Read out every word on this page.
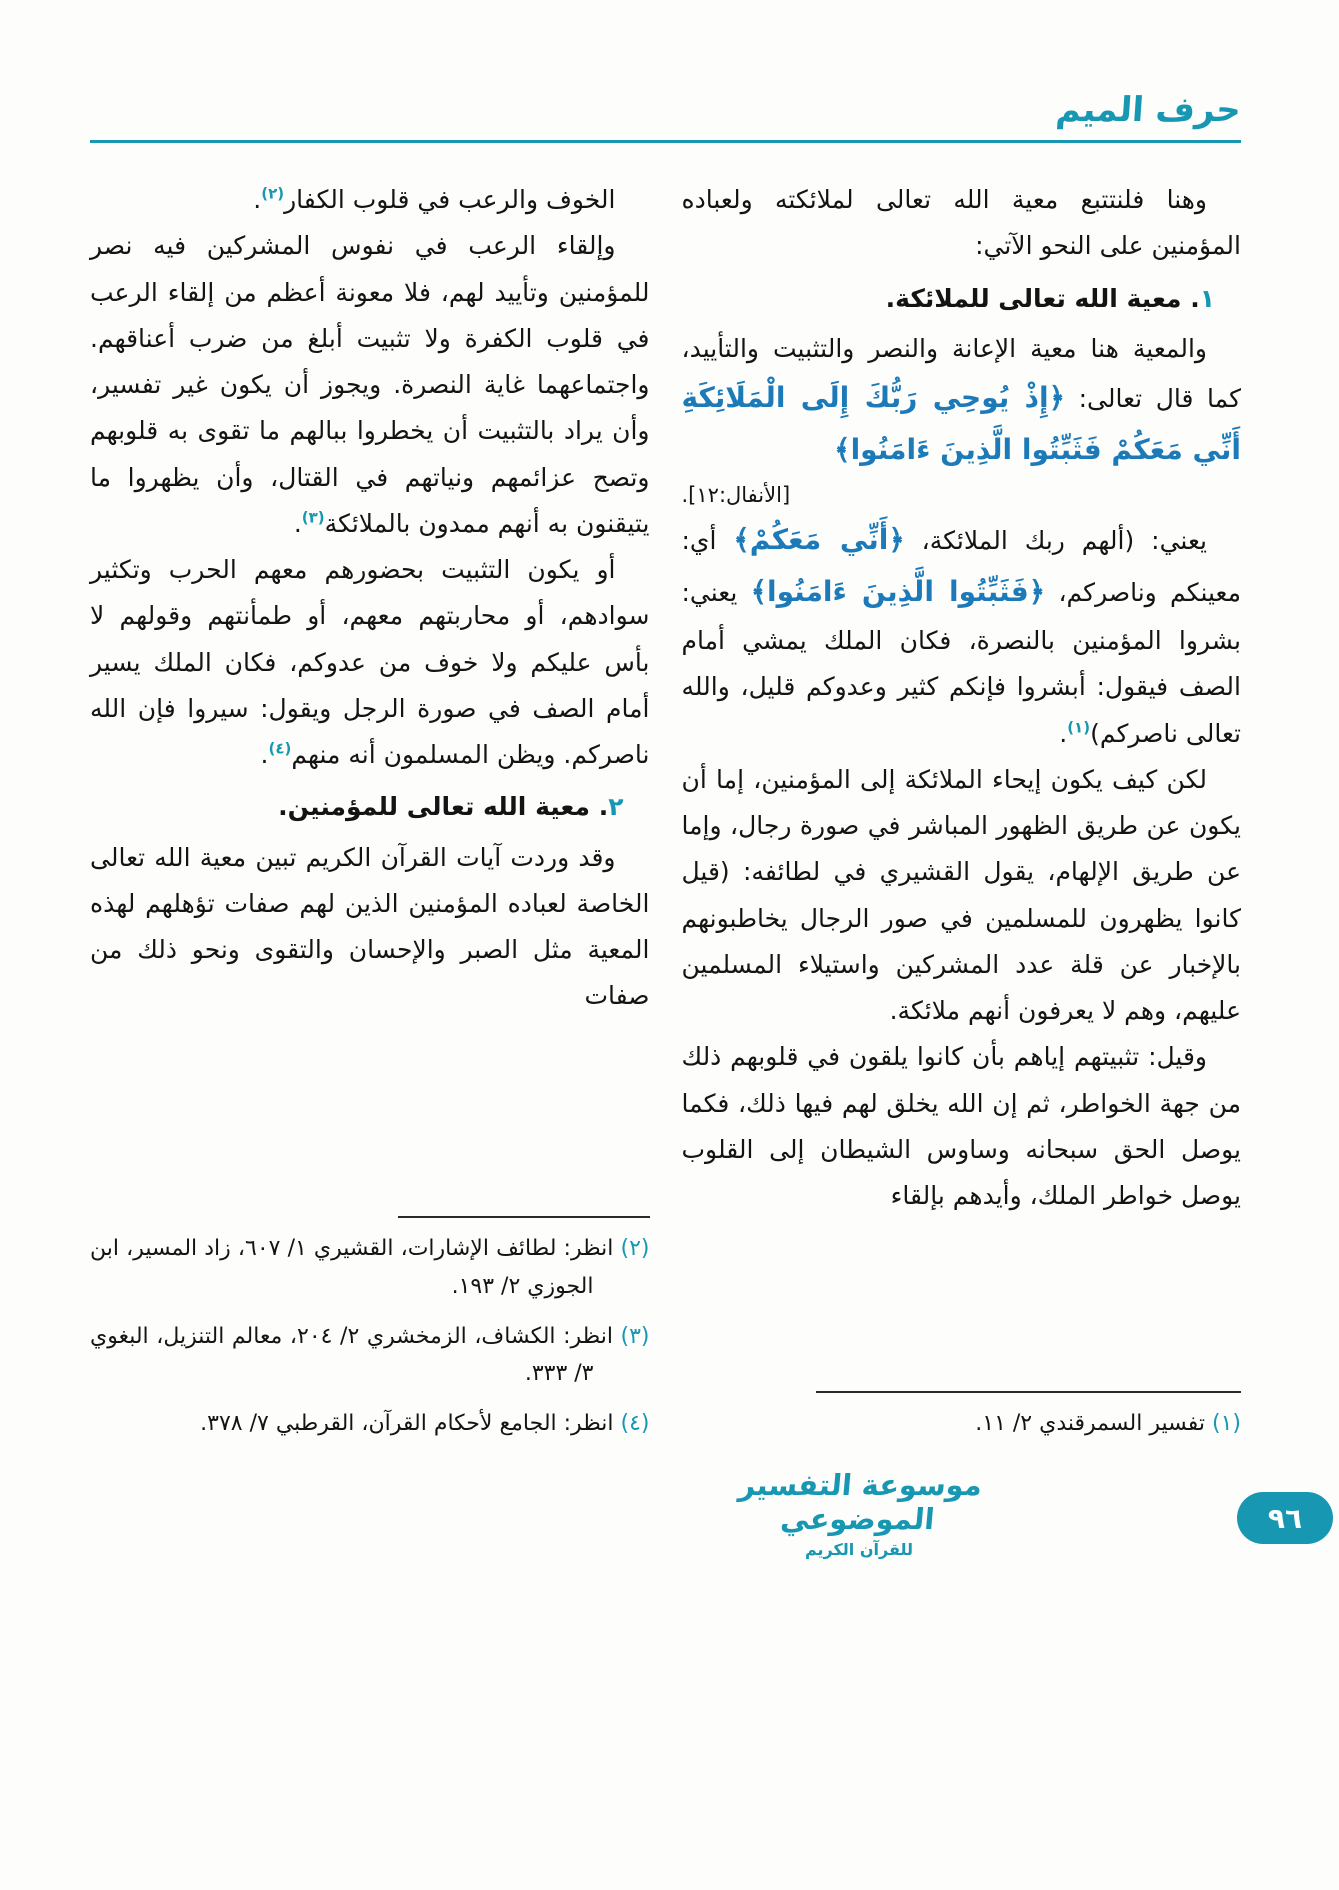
حرف الميم

وهنا فلنتتبع معية الله تعالى لملائكته ولعباده المؤمنين على النحو الآتي:

١. معية الله تعالى للملائكة.

والمعية هنا معية الإعانة والنصر والتثبيت والتأييد، كما قال تعالى: ﴿إِذْ يُوحِي رَبُّكَ إِلَى الْمَلَائِكَةِ أَنِّي مَعَكُمْ فَثَبِّتُوا الَّذِينَ ءَامَنُوا﴾
[الأنفال:١٢].

يعني: (ألهم ربك الملائكة، ﴿أَنِّي مَعَكُمْ﴾ أي: معينكم وناصركم، ﴿فَثَبِّتُوا الَّذِينَ ءَامَنُوا﴾ يعني: بشروا المؤمنين بالنصرة، فكان الملك يمشي أمام الصف فيقول: أبشروا فإنكم كثير وعدوكم قليل، والله تعالى ناصركم)$^{(١)}$.

لكن كيف يكون إيحاء الملائكة إلى المؤمنين، إما أن يكون عن طريق الظهور المباشر في صورة رجال، وإما عن طريق الإلهام، يقول القشيري في لطائفه: (قيل كانوا يظهرون للمسلمين في صور الرجال يخاطبونهم بالإخبار عن قلة عدد المشركين واستيلاء المسلمين عليهم، وهم لا يعرفون أنهم ملائكة.

وقيل: تثبيتهم إياهم بأن كانوا يلقون في قلوبهم ذلك من جهة الخواطر، ثم إن الله يخلق لهم فيها ذلك، فكما يوصل الحق سبحانه وساوس الشيطان إلى القلوب يوصل خواطر الملك، وأيدهم بإلقاء

(١) تفسير السمرقندي ٢/ ١١.

الخوف والرعب في قلوب الكفار$^{(٢)}$.

وإلقاء الرعب في نفوس المشركين فيه نصر للمؤمنين وتأييد لهم، فلا معونة أعظم من إلقاء الرعب في قلوب الكفرة ولا تثبيت أبلغ من ضرب أعناقهم. واجتماعهما غاية النصرة. ويجوز أن يكون غير تفسير، وأن يراد بالتثبيت أن يخطروا ببالهم ما تقوى به قلوبهم وتصح عزائمهم ونياتهم في القتال، وأن يظهروا ما يتيقنون به أنهم ممدون بالملائكة$^{(٣)}$.

أو يكون التثبيت بحضورهم معهم الحرب وتكثير سوادهم، أو محاربتهم معهم، أو طمأنتهم وقولهم لا بأس عليكم ولا خوف من عدوكم، فكان الملك يسير أمام الصف في صورة الرجل ويقول: سيروا فإن الله ناصركم. ويظن المسلمون أنه منهم$^{(٤)}$.

٢. معية الله تعالى للمؤمنين.

وقد وردت آيات القرآن الكريم تبين معية الله تعالى الخاصة لعباده المؤمنين الذين لهم صفات تؤهلهم لهذه المعية مثل الصبر والإحسان والتقوى ونحو ذلك من صفات

(٢) انظر: لطائف الإشارات، القشيري ١/ ٦٠٧، زاد المسير، ابن الجوزي ٢/ ١٩٣.
(٣) انظر: الكشاف، الزمخشري ٢/ ٢٠٤، معالم التنزيل، البغوي ٣/ ٣٣٣.
(٤) انظر: الجامع لأحكام القرآن، القرطبي ٧/ ٣٧٨.
موسوعة التفسير الموضوعي
للقرآن الكريم
٩٦
